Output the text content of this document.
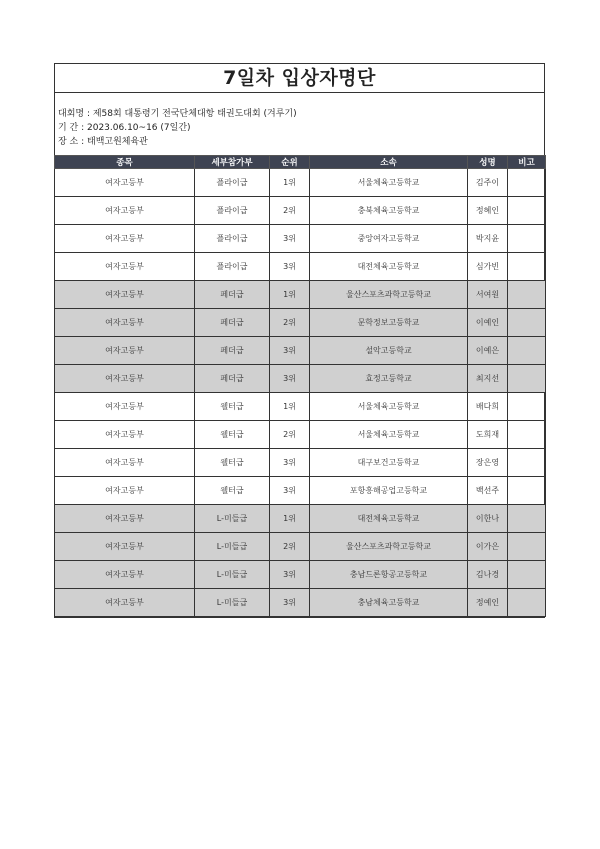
7일차 입상자명단
대회명 : 제58회 대통령기 전국단체대항 태권도대회 (겨루기)
기 간 : 2023.06.10~16 (7일간)
장 소 : 태백고원체육관
종목	세부참가부	순위	소속	성명	비고
여자고등부	플라이급	1위	서울체육고등학교	김주이	
여자고등부	플라이급	2위	충북체육고등학교	정혜인	
여자고등부	플라이급	3위	중앙여자고등학교	박지윤	
여자고등부	플라이급	3위	대전체육고등학교	심가빈	
여자고등부	페더급	1위	울산스포츠과학고등학교	서여원	
여자고등부	페더급	2위	문학정보고등학교	이예인	
여자고등부	페더급	3위	설악고등학교	이예은	
여자고등부	페더급	3위	효정고등학교	최지선	
여자고등부	웰터급	1위	서울체육고등학교	배다희	
여자고등부	웰터급	2위	서울체육고등학교	도희재	
여자고등부	웰터급	3위	대구보건고등학교	장은영	
여자고등부	웰터급	3위	포항흥해공업고등학교	백선주	
여자고등부	L-미들급	1위	대전체육고등학교	이한나	
여자고등부	L-미들급	2위	울산스포츠과학고등학교	이가은	
여자고등부	L-미들급	3위	충남드론항공고등학교	김나경	
여자고등부	L-미들급	3위	충남체육고등학교	정예인	
